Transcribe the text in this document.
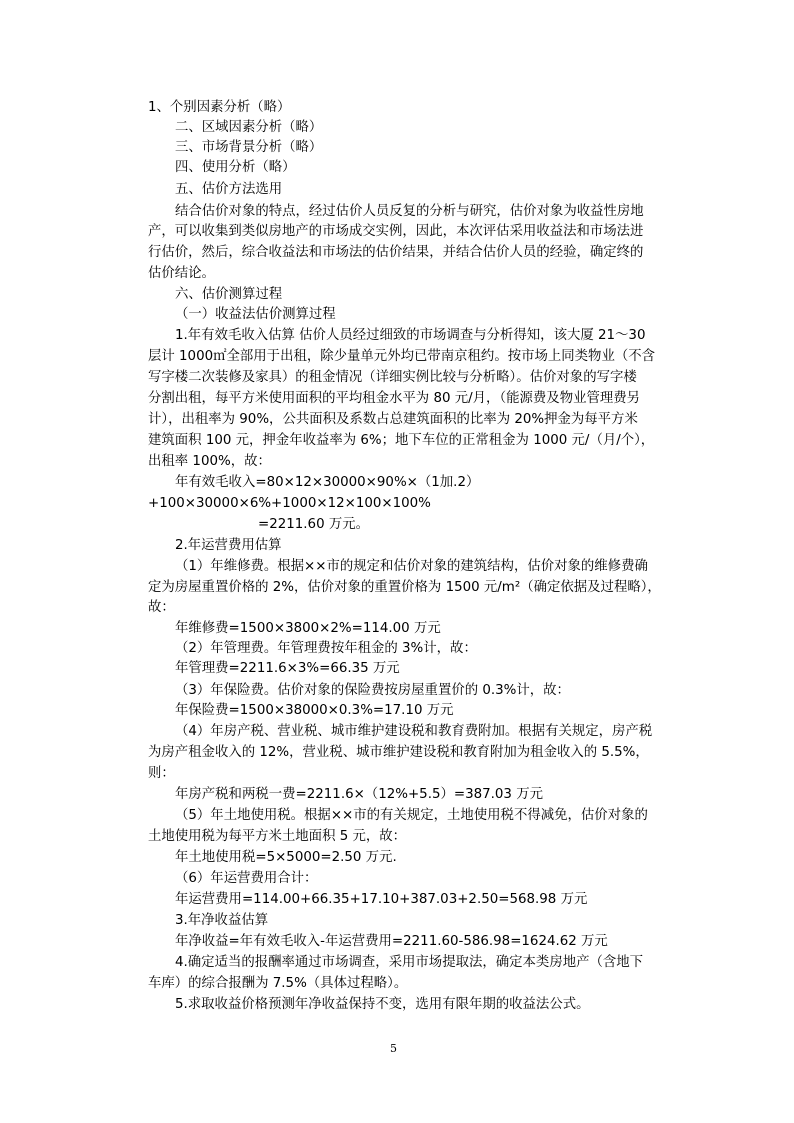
1、个别因素分析（略）
二、区域因素分析（略）
三、市场背景分析（略）
四、使用分析（略）
五、估价方法选用
结合估价对象的特点，经过估价人员反复的分析与研究，估价对象为收益性房地
产，可以收集到类似房地产的市场成交实例，因此，本次评估采用收益法和市场法进
行估价，然后，综合收益法和市场法的估价结果，并结合估价人员的经验，确定终的
估价结论。
六、估价测算过程
（一）收益法估价测算过程
1.年有效毛收入估算 估价人员经过细致的市场调查与分析得知，该大厦 21～30
层计 1000㎡全部用于出租，除少量单元外均已带南京租约。按市场上同类物业（不含
写字楼二次装修及家具）的租金情况（详细实例比较与分析略）。估价对象的写字楼
分割出租，每平方米使用面积的平均租金水平为 80 元/月，（能源费及物业管理费另
计），出租率为 90%，公共面积及系数占总建筑面积的比率为 20%押金为每平方米
建筑面积 100 元，押金年收益率为 6%；地下车位的正常租金为 1000 元/（月/个），
出租率 100%，故：
年有效毛收入=80×12×30000×90%×（1加.2）
+100×30000×6%+1000×12×100×100%
=2211.60 万元。
2.年运营费用估算
（1）年维修费。根据××市的规定和估价对象的建筑结构，估价对象的维修费确
定为房屋重置价格的 2%，估价对象的重置价格为 1500 元/m²（确定依据及过程略），
故：
年维修费=1500×3800×2%=114.00 万元
（2）年管理费。年管理费按年租金的 3%计，故：
年管理费=2211.6×3%=66.35 万元
（3）年保险费。估价对象的保险费按房屋重置价的 0.3%计，故：
年保险费=1500×38000×0.3%=17.10 万元
（4）年房产税、营业税、城市维护建设税和教育费附加。根据有关规定，房产税
为房产租金收入的 12%，营业税、城市维护建设税和教育附加为租金收入的 5.5%，
则：
年房产税和两税一费=2211.6×（12%+5.5）=387.03 万元
（5）年土地使用税。根据××市的有关规定，土地使用税不得减免，估价对象的
土地使用税为每平方米土地面积 5 元，故：
年土地使用税=5×5000=2.50 万元.
（6）年运营费用合计：
年运营费用=114.00+66.35+17.10+387.03+2.50=568.98 万元
3.年净收益估算
年净收益=年有效毛收入-年运营费用=2211.60-586.98=1624.62 万元
4.确定适当的报酬率通过市场调查，采用市场提取法，确定本类房地产（含地下
车库）的综合报酬为 7.5%（具体过程略）。
5.求取收益价格预测年净收益保持不变，选用有限年期的收益法公式。
5
